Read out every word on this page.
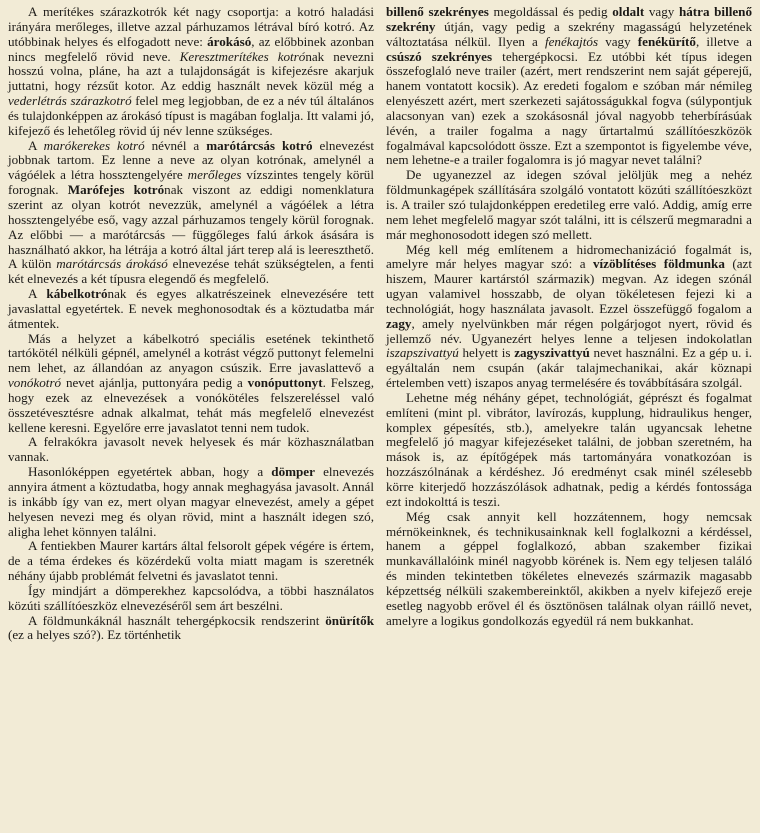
A merítékes szárazkotrók két nagy csoportja: a kotró haladási irányára merőleges, illetve azzal párhuzamos létrával bíró kotró. Az utóbbinak helyes és elfogadott neve: árokásó, az előbbinek azonban nincs megfelelő rövid neve. Keresztmerítékes kotrónak nevezni hosszú volna, pláne, ha azt a tulajdonságát is kifejezésre akarjuk juttatni, hogy rézsűt kotor. Az eddig használt nevek közül még a vederlétrás szárazkotró felel meg legjobban, de ez a név túl általános és tulajdonképpen az árokásó típust is magában foglalja. Itt valami jó, kifejező és lehetőleg rövid új név lenne szükséges.

A marókerekes kotró névnél a marótárcsás kotró elnevezést jobbnak tartom. Ez lenne a neve az olyan kotrónak, amelynél a vágóélek a létra hossztengelyére merőleges vízszintes tengely körül forognak. Marófejes kotrónak viszont az eddigi nomenklatura szerint az olyan kotrót nevezzük, amelynél a vágóélek a létra hossztengelyébe eső, vagy azzal párhuzamos tengely körül forognak. Az előbbi — a marótárcsás — függőleges falú árkok ásására is használható akkor, ha létrája a kotró által járt terep alá is leereszthető. A külön marótárcsás árokásó elnevezése tehát szükségtelen, a fenti két elnevezés a két típusra elegendő és megfelelő.

A kábelkotrónak és egyes alkatrészeinek elnevezésére tett javaslattal egyetértek. E nevek meghonosodtak és a köztudatba már átmentek.

Más a helyzet a kábelkotró speciális esetének tekinthető tartókötél nélküli gépnél, amelynél a kotrást végző puttonyt felemelni nem lehet, az állandóan az anyagon csúszik. Erre javaslattevő a vonókotró nevet ajánlja, puttonyára pedig a vonóputtonyt. Felszeg, hogy ezek az elnevezések a vonókötéles felszereléssel való összetévesztésre adnak alkalmat, tehát más megfelelő elnevezést kellene keresni. Egyelőre erre javaslatot tenni nem tudok.

A felrakókra javasolt nevek helyesek és már közhasználatban vannak.

Hasonlóképpen egyetértek abban, hogy a dömper elnevezés annyira átment a köztudatba, hogy annak meghagyása javasolt. Annál is inkább így van ez, mert olyan magyar elnevezést, amely a gépet helyesen nevezi meg és olyan rövid, mint a használt idegen szó, aligha lehet könnyen találni.

A fentiekben Maurer kartárs által felsorolt gépek végére is értem, de a téma érdekes és közérdekű volta miatt magam is szeretnék néhány újabb problémát felvetni és javaslatot tenni.

Így mindjárt a dömperekhez kapcsolódva, a többi használatos közúti szállítóeszköz elnevezéséről sem árt beszélni.

A földmunkáknál használt tehergépkocsik rendszerint önürítők (ez a helyes szó?). Ez történhetik

billenő szekrényes megoldással és pedig oldalt vagy hátra billenő szekrény útján, vagy pedig a szekrény magasságú helyzetének változtatása nélkül. Ilyen a fenékajtós vagy fenékürítő, illetve a csúszó szekrényes tehergépkocsi. Ez utóbbi két típus idegen összefoglaló neve trailer (azért, mert rendszerint nem saját géperejű, hanem vontatott kocsik). Az eredeti fogalom e szóban már némileg elenyészett azért, mert szerkezeti sajátosságukkal fogva (súlypontjuk alacsonyan van) ezek a szokásosnál jóval nagyobb teherbírásúak lévén, a trailer fogalma a nagy űrtartalmú szállítóeszközök fogalmával kapcsolódott össze. Ezt a szempontot is figyelembe véve, nem lehetne-e a trailer fogalomra is jó magyar nevet találni?

De ugyanezzel az idegen szóval jelöljük meg a nehéz földmunkagépek szállítására szolgáló vontatott közúti szállítóeszközt is. A trailer szó tulajdonképpen eredetileg erre való. Addig, amíg erre nem lehet megfelelő magyar szót találni, itt is célszerű megmaradni a már meghonosodott idegen szó mellett.

Még kell még említenem a hidromechanizáció fogalmát is, amelyre már helyes magyar szó: a vízöblítéses földmunka (azt hiszem, Maurer kartárstól származik) megvan. Az idegen szónál ugyan valamivel hosszabb, de olyan tökéletesen fejezi ki a technológiát, hogy használata javasolt. Ezzel összefüggő fogalom a zagy, amely nyelvünkben már régen polgárjogot nyert, rövid és jellemző név. Ugyanezért helyes lenne a teljesen indokolatlan iszapszivattyú helyett is zagyszivattyú nevet használni. Ez a gép u. i. egyáltalán nem csupán (akár talajmechanikai, akár köznapi értelemben vett) iszapos anyag termelésére és továbbítására szolgál.

Lehetne még néhány gépet, technológiát, géprészt és fogalmat említeni (mint pl. vibrátor, lavírozás, kupplung, hidraulikus henger, komplex gépesítés, stb.), amelyekre talán ugyancsak lehetne megfelelő jó magyar kifejezéseket találni, de jobban szeretném, ha mások is, az építőgépek más tartományára vonatkozóan is hozzászólnának a kérdéshez. Jó eredményt csak minél szélesebb körre kiterjedő hozzászólások adhatnak, pedig a kérdés fontossága ezt indokolttá is teszi.

Még csak annyit kell hozzátennem, hogy nemcsak mérnökeinknek, és technikusainknak kell foglalkozni a kérdéssel, hanem a géppel foglalkozó, abban szakember fizikai munkavállalóink minél nagyobb körének is. Nem egy teljesen találó és minden tekintetben tökéletes elnevezés származik magasabb képzettség nélküli szakembereinktől, akikben a nyelv kifejező ereje esetleg nagyobb erővel él és ösztönösen találnak olyan ráillő nevet, amelyre a logikus gondolkozás egyedül rá nem bukkanhat.
